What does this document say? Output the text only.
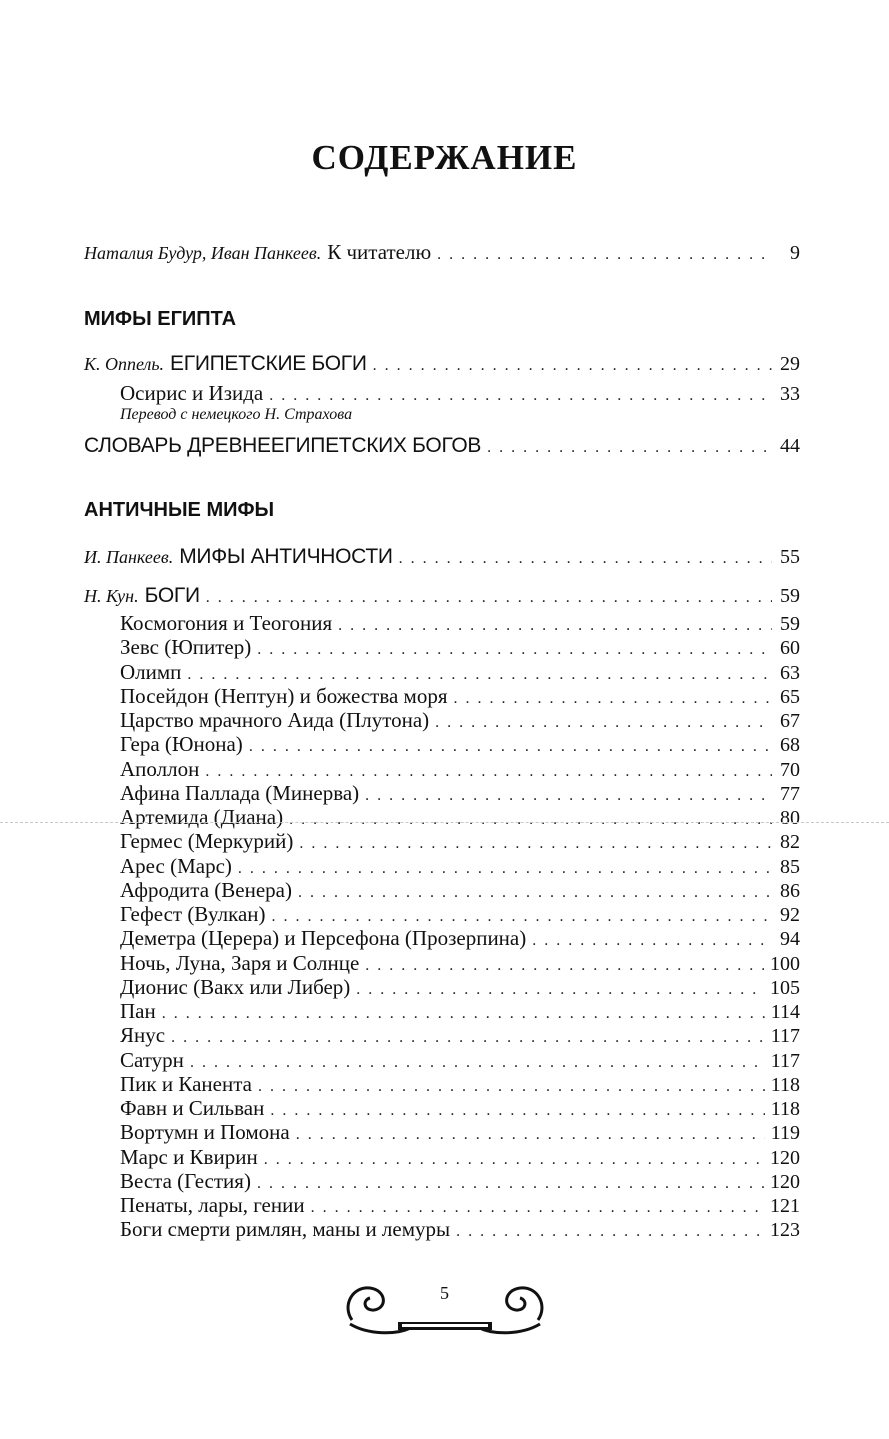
СОДЕРЖАНИЕ
Наталия Будур, Иван Панкеев. К читателю . . .	9
МИФЫ ЕГИПТА
К. Оппель. ЕГИПЕТСКИЕ БОГИ . . .	29
Осирис и Изида . . .	33
Перевод с немецкого Н. Страхова
СЛОВАРЬ ДРЕВНЕЕГИПЕТСКИХ БОГОВ . . .	44
АНТИЧНЫЕ МИФЫ
И. Панкеев. МИФЫ АНТИЧНОСТИ . . .	55
Н. Кун. БОГИ . . .	59
Космогония и Теогония . . .	59
Зевс (Юпитер) . . .	60
Олимп . . .	63
Посейдон (Нептун) и божества моря . . .	65
Царство мрачного Аида (Плутона) . . .	67
Гера (Юнона) . . .	68
Аполлон . . .	70
Афина Паллада (Минерва) . . .	77
Артемида (Диана) . . .	80
Гермес (Меркурий) . . .	82
Арес (Марс) . . .	85
Афродита (Венера) . . .	86
Гефест (Вулкан) . . .	92
Деметра (Церера) и Персефона (Прозерпина) . . .	94
Ночь, Луна, Заря и Солнце . . .	100
Дионис (Вакх или Либер) . . .	105
Пан . . .	114
Янус . . .	117
Сатурн . . .	117
Пик и Канента . . .	118
Фавн и Сильван . . .	118
Вортумн и Помона . . .	119
Марс и Квирин . . .	120
Веста (Гестия) . . .	120
Пенаты, лары, гении . . .	121
Боги смерти римлян, маны и лемуры . . .	123
5
